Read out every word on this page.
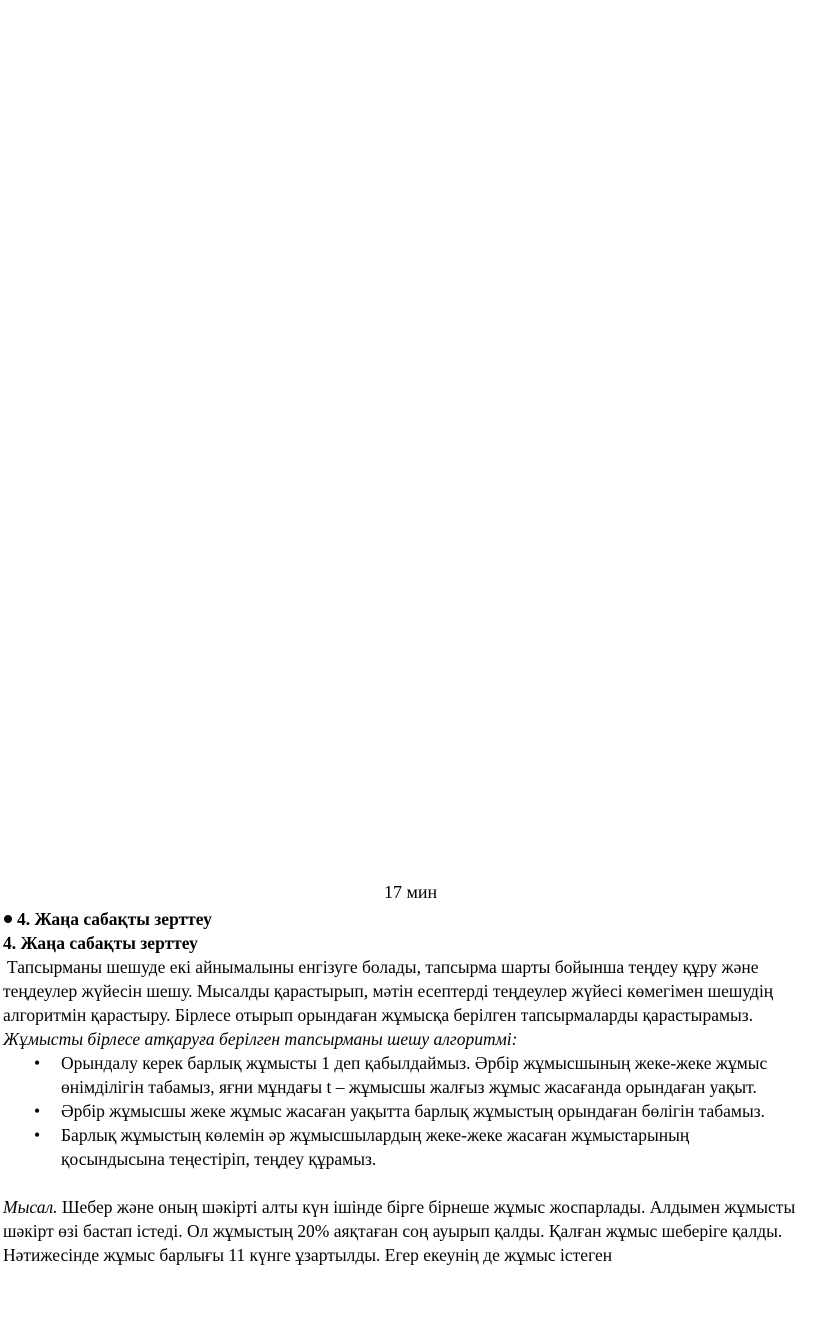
17 мин
4. Жаңа сабақты зерттеу
4. Жаңа сабақты зерттеу

Тапсырманы шешуде екі айнымалыны енгізуге болады, тапсырма шарты бойынша теңдеу құру және теңдеулер жүйесін шешу. Мысалды қарастырып, мәтін есептерді теңдеулер жүйесі көмегімен шешудің алгоритмін қарастыру. Бірлесе отырып орындаған жұмысқа берілген тапсырмаларды қарастырамыз.

Жұмысты бірлесе атқаруға берілген тапсырманы шешу алгоритмі:

• Орындалу керек барлық жұмысты 1 деп қабылдаймыз. Әрбір жұмысшының жеке-жеке жұмыс өнімділігін табамыз, яғни мұндағы t – жұмысшы жалғыз жұмыс жасағанда орындаған уақыт.
• Әрбір жұмысшы жеке жұмыс жасаған уақытта барлық жұмыстың орындаған бөлігін табамыз.
• Барлық жұмыстың көлемін әр жұмысшылардың жеке-жеке жасаған жұмыстарының қосындысына теңестіріп, теңдеу құрамыз.

Мысал. Шебер және оның шәкірті алты күн ішінде бірге бірнеше жұмыс жоспарлады. Алдымен жұмысты шәкірт өзі бастап істеді. Ол жұмыстың 20% аяқтаған соң ауырып қалды. Қалған жұмыс шеберіге қалды. Нәтижесінде жұмыс барлығы 11 күнге ұзартылды. Егер екеунің де жұмыс істеген
